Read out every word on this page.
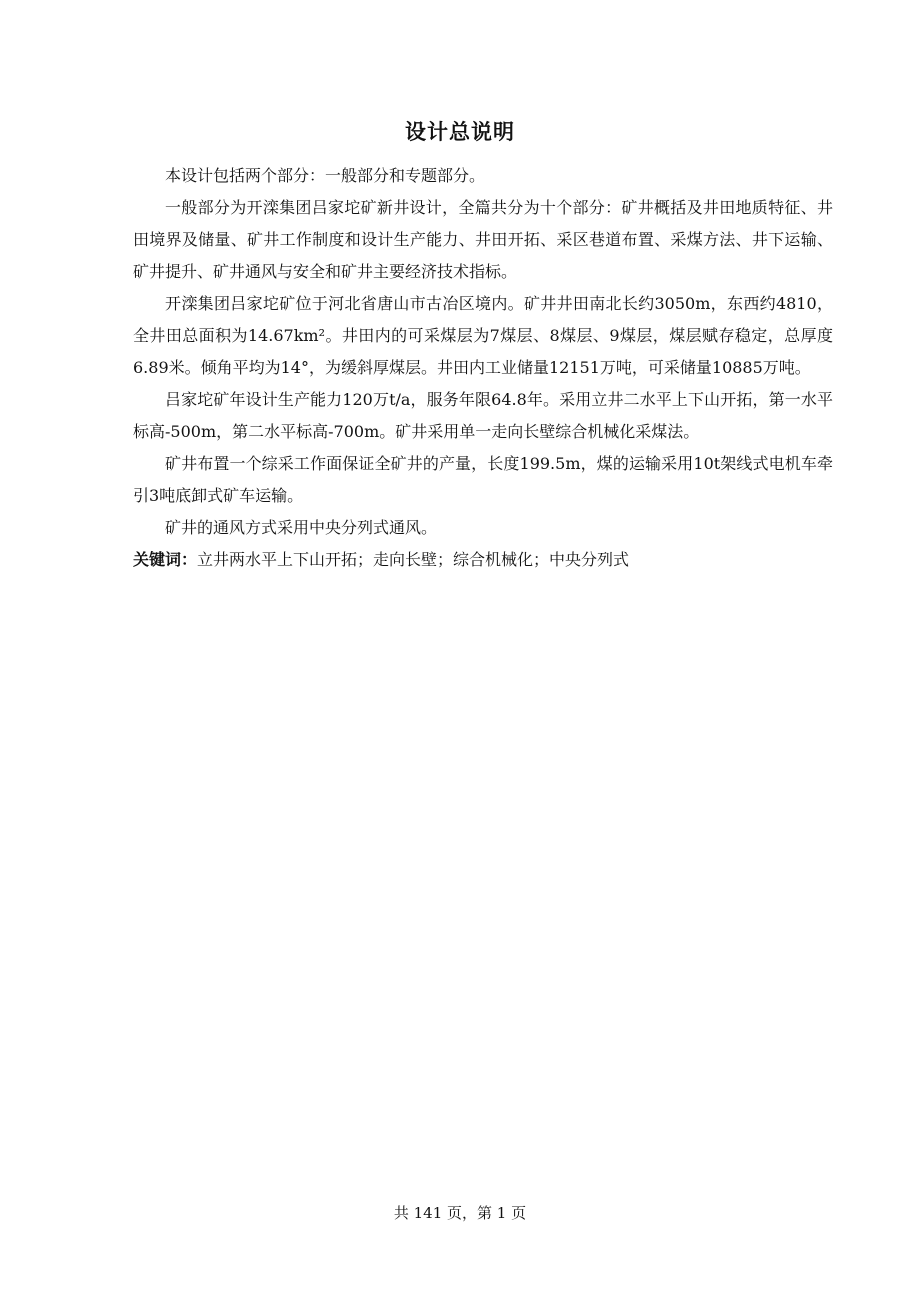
设计总说明

本设计包括两个部分：一般部分和专题部分。

一般部分为开滦集团吕家坨矿新井设计，全篇共分为十个部分：矿井概括及井田地质特征、井田境界及储量、矿井工作制度和设计生产能力、井田开拓、采区巷道布置、采煤方法、井下运输、矿井提升、矿井通风与安全和矿井主要经济技术指标。

开滦集团吕家坨矿位于河北省唐山市古冶区境内。矿井井田南北长约3050m，东西约4810，全井田总面积为14.67km²。井田内的可采煤层为7煤层、8煤层、9煤层，煤层赋存稳定，总厚度6.89米。倾角平均为14°，为缓斜厚煤层。井田内工业储量12151万吨，可采储量10885万吨。

吕家坨矿年设计生产能力120万t/a，服务年限64.8年。采用立井二水平上下山开拓，第一水平标高-500m，第二水平标高-700m。矿井采用单一走向长壁综合机械化采煤法。

矿井布置一个综采工作面保证全矿井的产量，长度199.5m，煤的运输采用10t架线式电机车牵引3吨底卸式矿车运输。

矿井的通风方式采用中央分列式通风。

关键词：立井两水平上下山开拓；走向长壁；综合机械化；中央分列式

共 141 页，第 1 页
